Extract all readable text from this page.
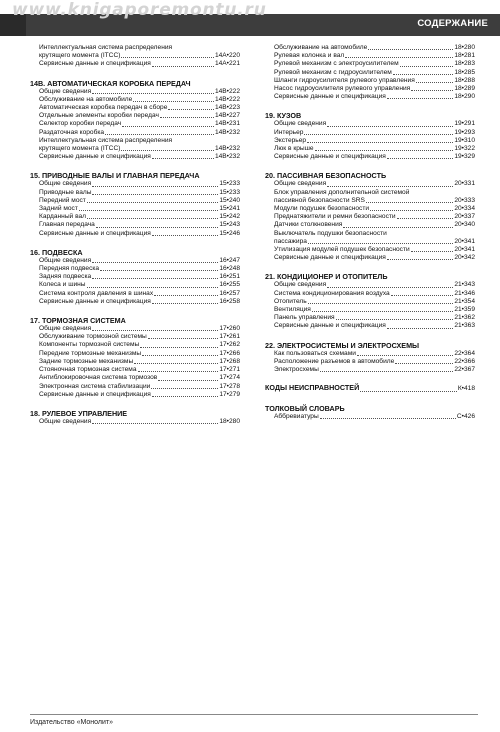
СОДЕРЖАНИЕ
www.knigaporemontu.ru
Интеллектуальная система распределения
крутящего момента (ITCC)	14A•220
Сервисные данные и спецификация	14A•221
14B. АВТОМАТИЧЕСКАЯ КОРОБКА ПЕРЕДАЧ
Общие сведения	14B•222
Обслуживание на автомобиле	14B•222
Автоматическая коробка передач в сборе	14B•223
Отдельные элементы коробки передач	14B•227
Селектор коробки передач	14B•231
Раздаточная коробка	14B•232
Интеллектуальная система распределения
крутящего момента (ITCC)	14B•232
Сервисные данные и спецификация	14B•232
15. ПРИВОДНЫЕ ВАЛЫ И ГЛАВНАЯ ПЕРЕДАЧА
Общие сведения	15•233
Приводные валы	15•233
Передний мост	15•240
Задний мост	15•241
Карданный вал	15•242
Главная передача	15•243
Сервисные данные и спецификация	15•246
16. ПОДВЕСКА
Общие сведения	16•247
Передняя подвеска	16•248
Задняя подвеска	16•251
Колеса и шины	16•255
Система контроля давления в шинах	16•257
Сервисные данные и спецификация	16•258
17. ТОРМОЗНАЯ СИСТЕМА
Общие сведения	17•260
Обслуживание тормозной системы	17•261
Компоненты тормозной системы	17•262
Передние тормозные механизмы	17•266
Задние тормозные механизмы	17•268
Стояночная тормозная система	17•271
Антиблокировочная система тормозов	17•274
Электронная система стабилизации	17•278
Сервисные данные и спецификация	17•279
18. РУЛЕВОЕ УПРАВЛЕНИЕ
Общие сведения	18•280
Обслуживание на автомобиле	18•280
Рулевая колонка и вал	18•281
Рулевой механизм с электроусилителем	18•283
Рулевой механизм с гидроусилителем	18•285
Шланги гидроусилителя рулевого управления	18•288
Насос гидроусилителя рулевого управления	18•289
Сервисные данные и спецификация	18•290
19. КУЗОВ
Общие сведения	19•291
Интерьер	19•293
Экстерьер	19•310
Люк в крыше	19•322
Сервисные данные и спецификация	19•329
20. ПАССИВНАЯ БЕЗОПАСНОСТЬ
Общие сведения	20•331
Блок управления дополнительной системой
пассивной безопасности SRS	20•333
Модули подушек безопасности	20•334
Преднатяжители и ремни безопасности	20•337
Датчики столкновения	20•340
Выключатель подушки безопасности
пассажира	20•341
Утилизация модулей подушек безопасности	20•341
Сервисные данные и спецификация	20•342
21. КОНДИЦИОНЕР И ОТОПИТЕЛЬ
Общие сведения	21•343
Система кондиционирования воздуха	21•346
Отопитель	21•354
Вентиляция	21•359
Панель управления	21•362
Сервисные данные и спецификация	21•363
22. ЭЛЕКТРОСИСТЕМЫ И ЭЛЕКТРОСХЕМЫ
Как пользоваться схемами	22•364
Расположение разъемов в автомобиле	22•366
Электросхемы	22•367
КОДЫ НЕИСПРАВНОСТЕЙ	К•418
ТОЛКОВЫЙ СЛОВАРЬ
Аббревиатуры	С•426
Издательство «Монолит»
